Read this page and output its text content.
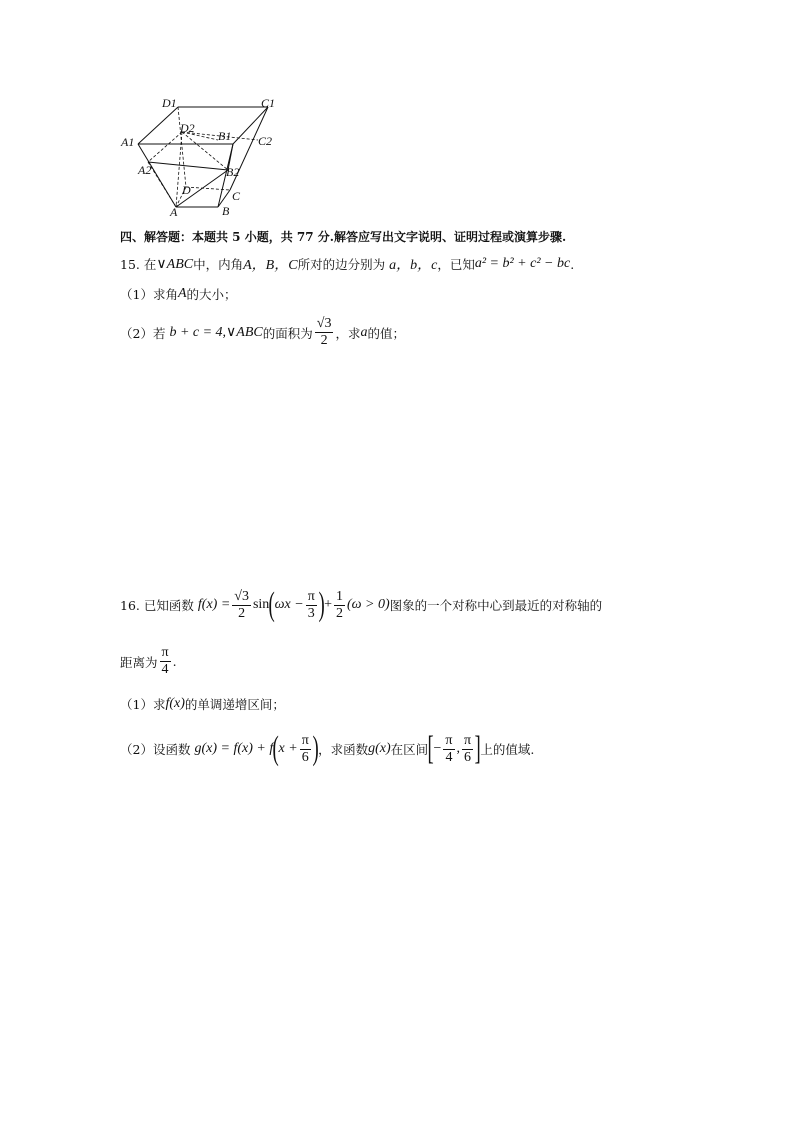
D1	C1
D2
B1
A1	C2
A2	B2
D	C
A	B
四、解答题：本题共 5 小题，共 77 分.解答应写出文字说明、证明过程或演算步骤.
15. 在 ∨ABC 中，内角 A，B，C 所对的边分别为 a，b，c ，已知 a² = b² + c² − bc .
（1）求角 A 的大小；
（2）若 b + c = 4,∨ABC 的面积为 $\frac{√3}{2}$ ，求 a 的值；
16. 已知函数 $f(x) = \frac{√3}{2}$ sin ( $\omega x - \frac{\pi}{3}$ ) + $\frac{1}{2} (\omega > 0)$ 图象的一个对称中心到最近的对称轴的
距离为 $\frac{\pi}{4}$ .
（1）求 f(x) 的单调递增区间；
（2）设函数 g(x) = f(x) + f ( $x + \frac{\pi}{6}$ ) ，求函数 g(x) 在区间 [ − $\frac{\pi}{4}$ , $\frac{\pi}{6}$ ] 上的值域.
